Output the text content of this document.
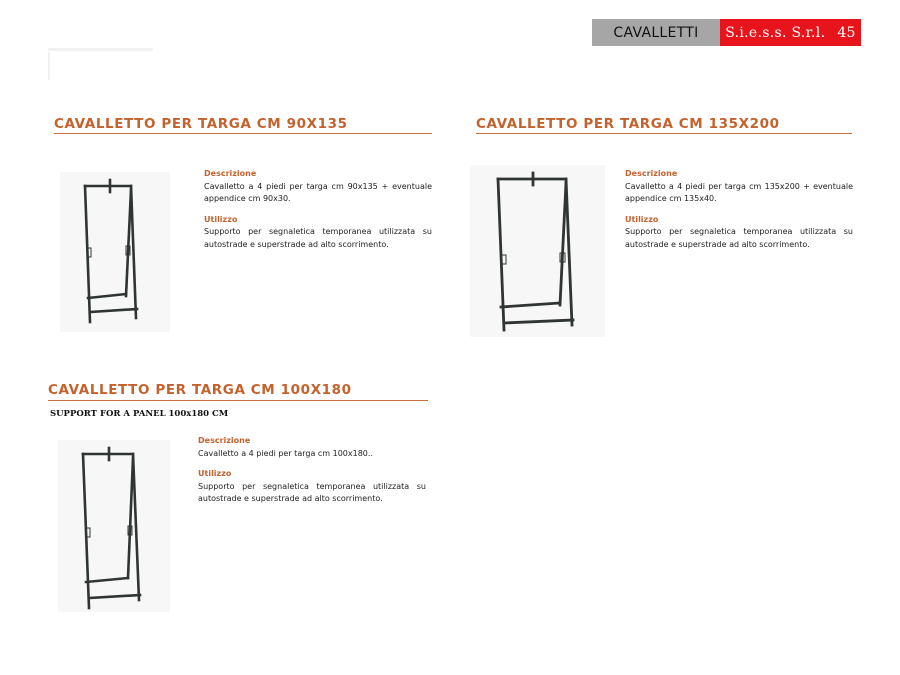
CAVALLETTI	S.i.e.s.s. S.r.l. 45
CAVALLETTO PER TARGA CM 90X135
Descrizione
Cavalletto a 4 piedi per targa cm 90x135 + eventuale appendice cm 90x30.
Utilizzo
Supporto per segnaletica temporanea utilizzata su autostrade e superstrade ad alto scorrimento.
CAVALLETTO PER TARGA CM 135X200
Descrizione
Cavalletto a 4 piedi per targa cm 135x200 + eventuale appendice cm 135x40.
Utilizzo
Supporto per segnaletica temporanea utilizzata su autostrade e superstrade ad alto scorrimento.
CAVALLETTO PER TARGA CM 100X180
SUPPORT FOR A PANEL 100x180 CM
Descrizione
Cavalletto a 4 piedi per targa cm 100x180..
Utilizzo
Supporto per segnaletica temporanea utilizzata su autostrade e superstrade ad alto scorrimento.
